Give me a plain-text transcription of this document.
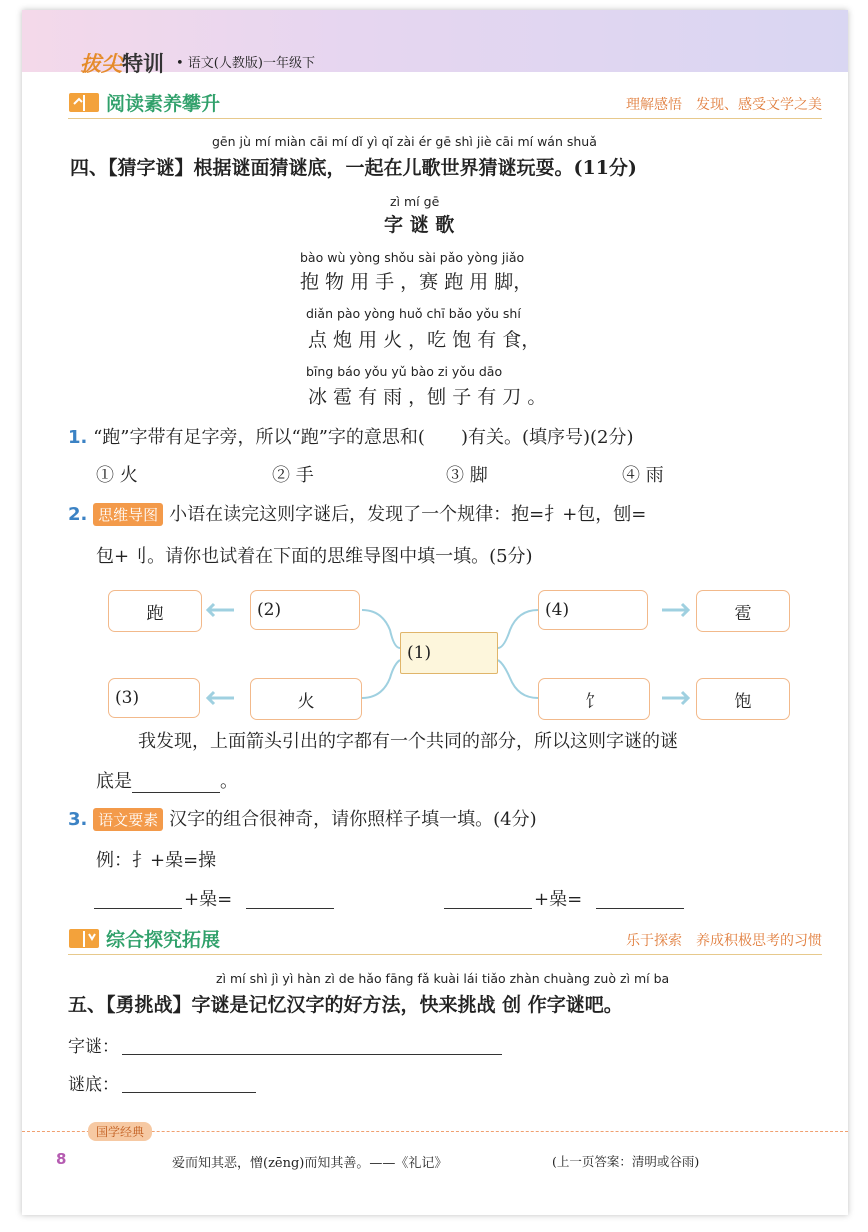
拔尖特训 • 语文(人教版)一年级下
阅读素养攀升	理解感悟　发现、感受文学之美
gēn jù mí miàn cāi mí dǐ yì qǐ zài ér gē shì jiè cāi mí wán shuǎ
四、【猜字谜】根据谜面猜谜底，一起在儿歌世界猜谜玩耍。(11分)
zì mí gē
字 谜 歌
bào wù yòng shǒu sài pǎo yòng jiǎo
抱 物 用 手 ，赛 跑 用 脚，
diǎn pào yòng huǒ chī bǎo yǒu shí
点 炮 用 火 ，吃 饱 有 食，
bīng báo yǒu yǔ bào zi yǒu dāo
冰 雹 有 雨 ，刨 子 有 刀 。
1. “跑”字带有足字旁，所以“跑”字的意思和(　　)有关。(填序号)(2分)
① 火	② 手	③ 脚	④ 雨
2. 思维导图 小语在读完这则字谜后，发现了一个规律：抱=扌+包，刨=
包+刂。请你也试着在下面的思维导图中填一填。(5分)
跑	(2)
(1)
(4)	雹
(3)	火	饣	饱
我发现，上面箭头引出的字都有一个共同的部分，所以这则字谜的谜
底是	。
3. 语文要素 汉字的组合很神奇，请你照样子填一填。(4分)
例：扌+喿=操
+喿=	+喿=
综合探究拓展	乐于探索　养成积极思考的习惯
zì mí shì jì yì hàn zì de hǎo fāng fǎ kuài lái tiǎo zhàn chuàng zuò zì mí ba
五、【勇挑战】字谜是记忆汉字的好方法，快来挑战 创 作字谜吧。
字谜：
谜底：
国学经典
8	爱而知其恶，憎(zēng)而知其善。——《礼记》	(上一页答案：清明或谷雨)
